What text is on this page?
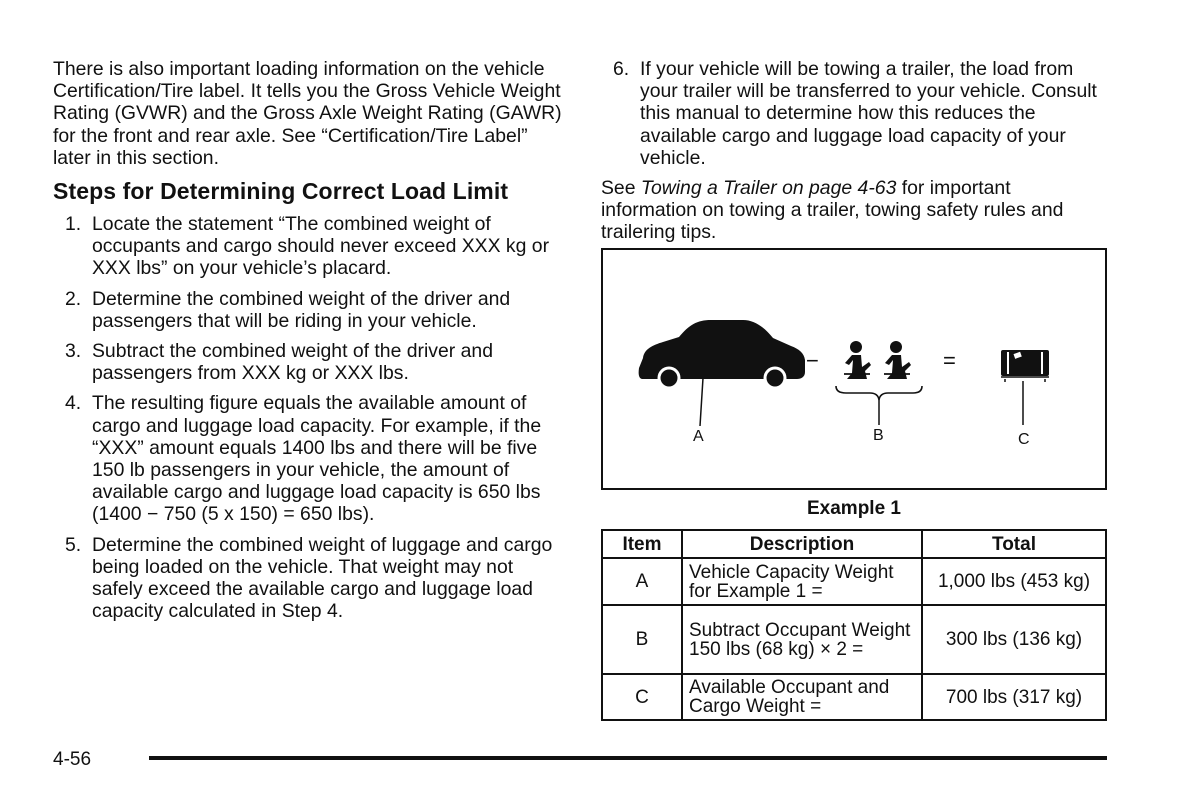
There is also important loading information on the vehicle Certification/Tire label. It tells you the Gross Vehicle Weight Rating (GVWR) and the Gross Axle Weight Rating (GAWR) for the front and rear axle. See “Certification/Tire Label” later in this section.

Steps for Determining Correct Load Limit
1. Locate the statement “The combined weight of occupants and cargo should never exceed XXX kg or XXX lbs” on your vehicle’s placard.
2. Determine the combined weight of the driver and passengers that will be riding in your vehicle.
3. Subtract the combined weight of the driver and passengers from XXX kg or XXX lbs.
4. The resulting figure equals the available amount of cargo and luggage load capacity. For example, if the “XXX” amount equals 1400 lbs and there will be five 150 lb passengers in your vehicle, the amount of available cargo and luggage load capacity is 650 lbs (1400 − 750 (5 x 150) = 650 lbs).
5. Determine the combined weight of luggage and cargo being loaded on the vehicle. That weight may not safely exceed the available cargo and luggage load capacity calculated in Step 4.
6. If your vehicle will be towing a trailer, the load from your trailer will be transferred to your vehicle. Consult this manual to determine how this reduces the available cargo and luggage load capacity of your vehicle.

See Towing a Trailer on page 4-63 for important information on towing a trailer, towing safety rules and trailering tips.

−	=
A	B	C
Example 1
Item	Description	Total
A	Vehicle Capacity Weight for Example 1 =	1,000 lbs (453 kg)
B	Subtract Occupant Weight 150 lbs (68 kg) × 2 =	300 lbs (136 kg)
C	Available Occupant and Cargo Weight =	700 lbs (317 kg)
4-56
